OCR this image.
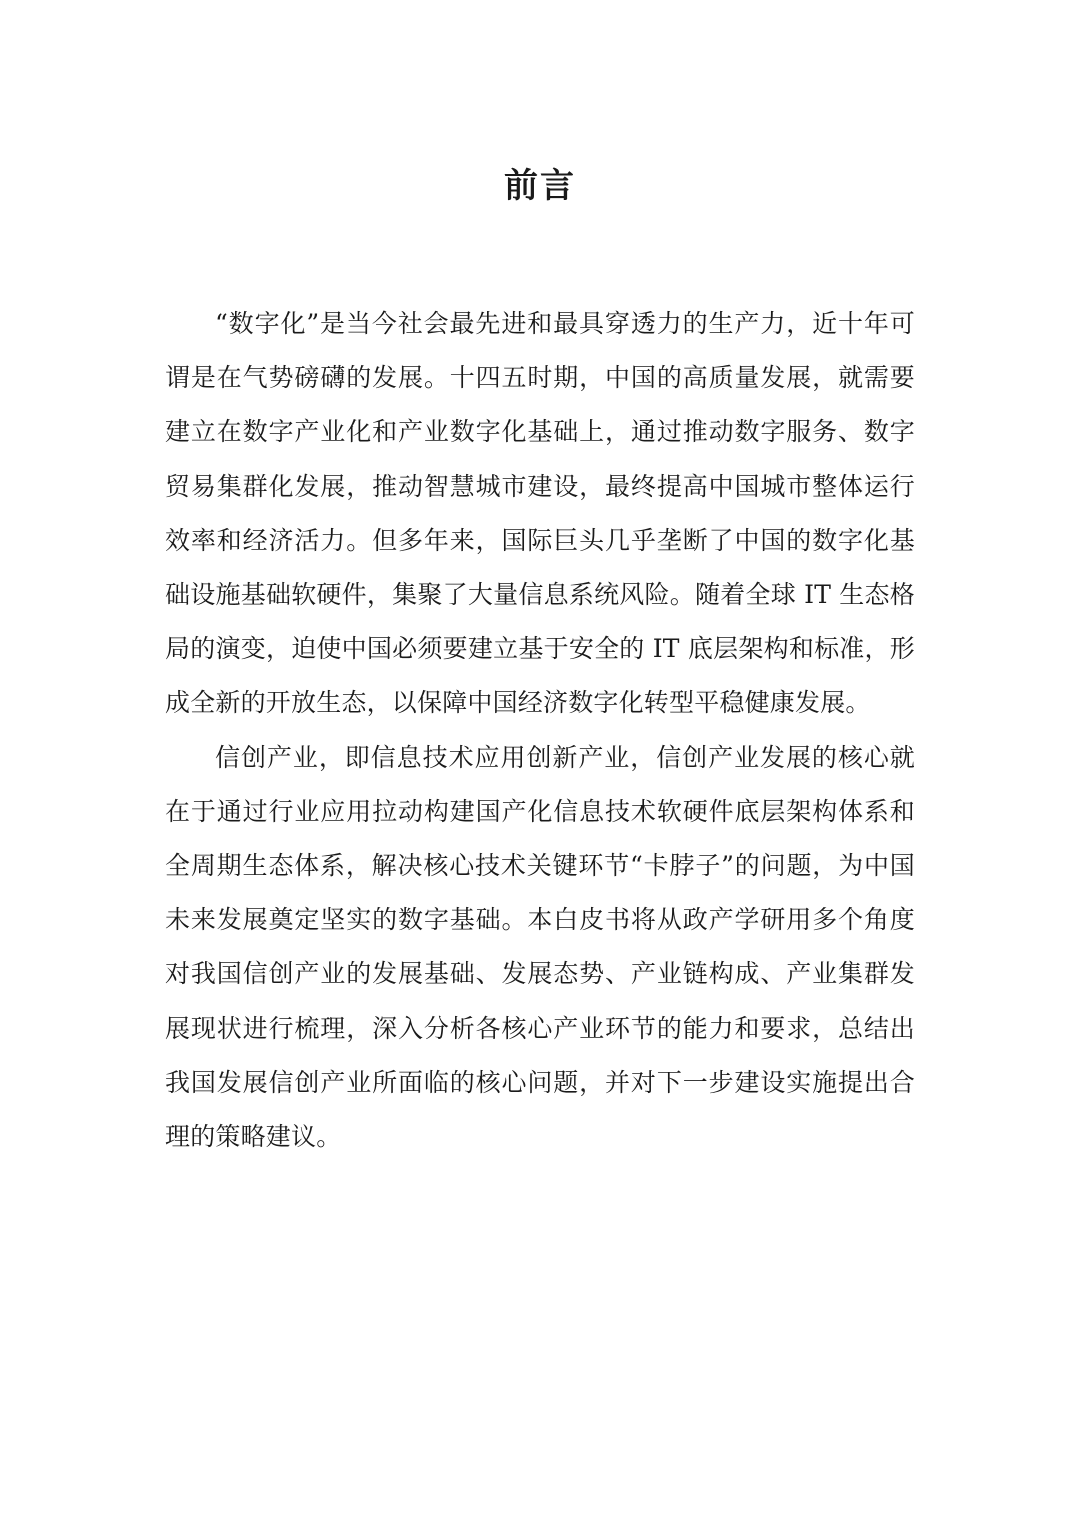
前言

“数字化”是当今社会最先进和最具穿透力的生产力，近十年可谓是在气势磅礴的发展。十四五时期，中国的高质量发展，就需要建立在数字产业化和产业数字化基础上，通过推动数字服务、数字贸易集群化发展，推动智慧城市建设，最终提高中国城市整体运行效率和经济活力。但多年来，国际巨头几乎垄断了中国的数字化基础设施基础软硬件，集聚了大量信息系统风险。随着全球 IT 生态格局的演变，迫使中国必须要建立基于安全的 IT 底层架构和标准，形成全新的开放生态，以保障中国经济数字化转型平稳健康发展。

信创产业，即信息技术应用创新产业，信创产业发展的核心就在于通过行业应用拉动构建国产化信息技术软硬件底层架构体系和全周期生态体系，解决核心技术关键环节“卡脖子”的问题，为中国未来发展奠定坚实的数字基础。本白皮书将从政产学研用多个角度对我国信创产业的发展基础、发展态势、产业链构成、产业集群发展现状进行梳理，深入分析各核心产业环节的能力和要求，总结出我国发展信创产业所面临的核心问题，并对下一步建设实施提出合理的策略建议。
